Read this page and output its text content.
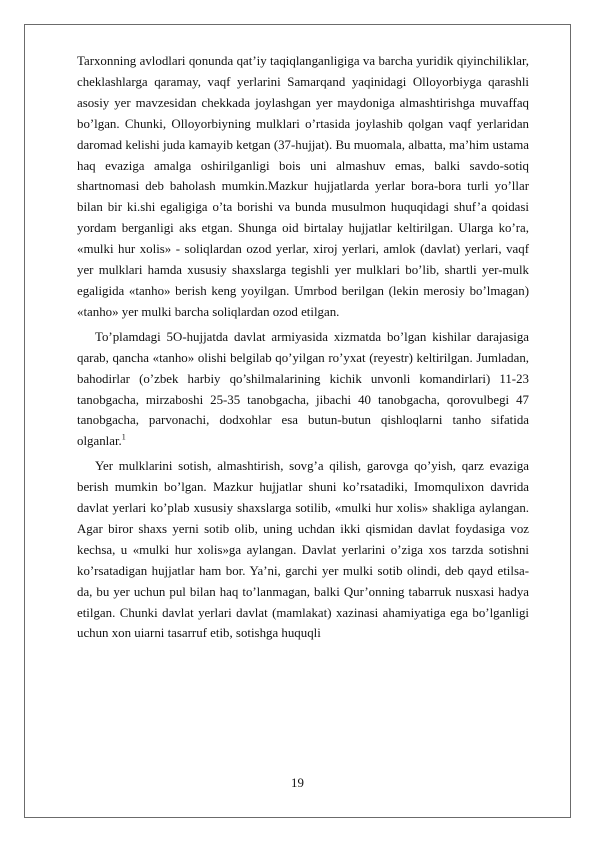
Tarxonning avlodlari qonunda qat’iy taqiqlanganligiga va barcha yuridik qiyinchiliklar, cheklashlarga qaramay, vaqf yerlarini Samarqand yaqinidagi Olloyorbiyga qarashli asosiy yer mavzesidan chekkada joylashgan yer maydoniga almashtirishga muvaffaq bo’lgan. Chunki, Olloyorbiyning mulklari o’rtasida joylashib qolgan vaqf yerlaridan daromad kelishi juda kamayib ketgan (37-hujjat). Bu muomala, albatta, ma’him ustama haq evaziga amalga oshirilganligi bois uni almashuv emas, balki savdo-sotiq shartnomasi deb baholash mumkin.Mazkur hujjatlarda yerlar bora-bora turli yo’llar bilan bir ki.shi egaligiga o’ta borishi va bunda musulmon huquqidagi shuf’a qoidasi yordam berganligi aks etgan. Shunga oid birtalay hujjatlar keltirilgan. Ularga ko’ra, «mulki hur xolis» - soliqlardan ozod yerlar, xiroj yerlari, amlok (davlat) yerlari, vaqf yer mulklari hamda xususiy shaxslarga tegishli yer mulklari bo’lib, shartli yer-mulk egaligida «tanho» berish keng yoyilgan. Umrbod berilgan (lekin merosiy bo’lmagan) «tanho» yer mulki barcha soliqlardan ozod etilgan.

To’plamdagi 5O-hujjatda davlat armiyasida xizmatda bo’lgan kishilar darajasiga qarab, qancha «tanho» olishi belgilab qo’yilgan ro’yxat (reyestr) keltirilgan. Jumladan, bahodirlar (o’zbek harbiy qo’shilmalarining kichik unvonli komandirlari) 11-23 tanobgacha, mirzaboshi 25-35 tanobgacha, jibachi 40 tanobgacha, qorovulbegi 47 tanobgacha, parvonachi, dodxohlar esa butun-butun qishloqlarni tanho sifatida olganlar.$^1$

Yer mulklarini sotish, almashtirish, sovg’a qilish, garovga qo’yish, qarz evaziga berish mumkin bo’lgan. Mazkur hujjatlar shuni ko’rsatadiki, Imomqulixon davrida davlat yerlari ko’plab xususiy shaxslarga sotilib, «mulki hur xolis» shakliga aylangan. Agar biror shaxs yerni sotib olib, uning uchdan ikki qismidan davlat foydasiga voz kechsa, u «mulki hur xolis»ga aylangan. Davlat yerlarini o’ziga xos tarzda sotishni ko’rsatadigan hujjatlar ham bor. Ya’ni, garchi yer mulki sotib olindi, deb qayd etilsa-da, bu yer uchun pul bilan haq to’lanmagan, balki Qur’onning tabarruk nusxasi hadya etilgan. Chunki davlat yerlari davlat (mamlakat) xazinasi ahamiyatiga ega bo’lganligi uchun xon uiarni tasarruf etib, sotishga huquqli

19
